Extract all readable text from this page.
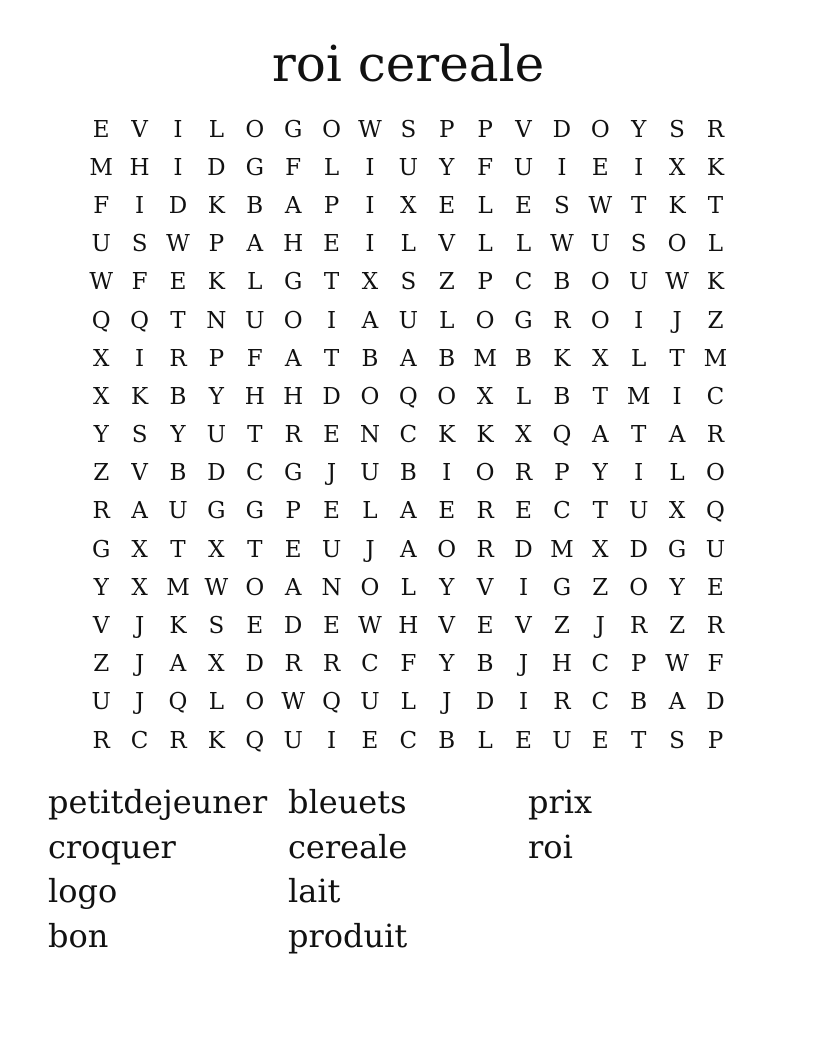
roi cereale
E V	I	L O G O W S P P V D O Y S R
M H	I	D G F L	I	U Y F U	I	E	I	X K
F	I	D K B A P	I	X E L E S W T K T
U S W P A H E	I	L V L	L W U S O L
W F E K L G T X S Z P C B O U W K
Q Q T N U O	I	A U L O G R O	I	J	Z
X	I	R P F A T B A B M B K X L	T M
X K B Y H H D O Q O X L B T M I	C
Y S Y U T R E N C K K X Q A T A R
Z V B D C G	J	U B	I	O R P	Y	I	L O
R A U G G P E L A E R E C T U X Q
G X T X T E U	J	A O R D M X D G U
Y X M W O A N O L	Y V	I	G Z O Y E
V	J	K S E D E W H V E V Z	J	R Z R
Z	J	A X D R R C F Y B	J	H C P W F
U	J	Q L O W Q U L	J	D	I	R C B A D
R C R K Q U	I	E C B L E U E T S P
petitdejeuner
croquer
logo
bon
bleuets
cereale
lait
produit
prix
roi
